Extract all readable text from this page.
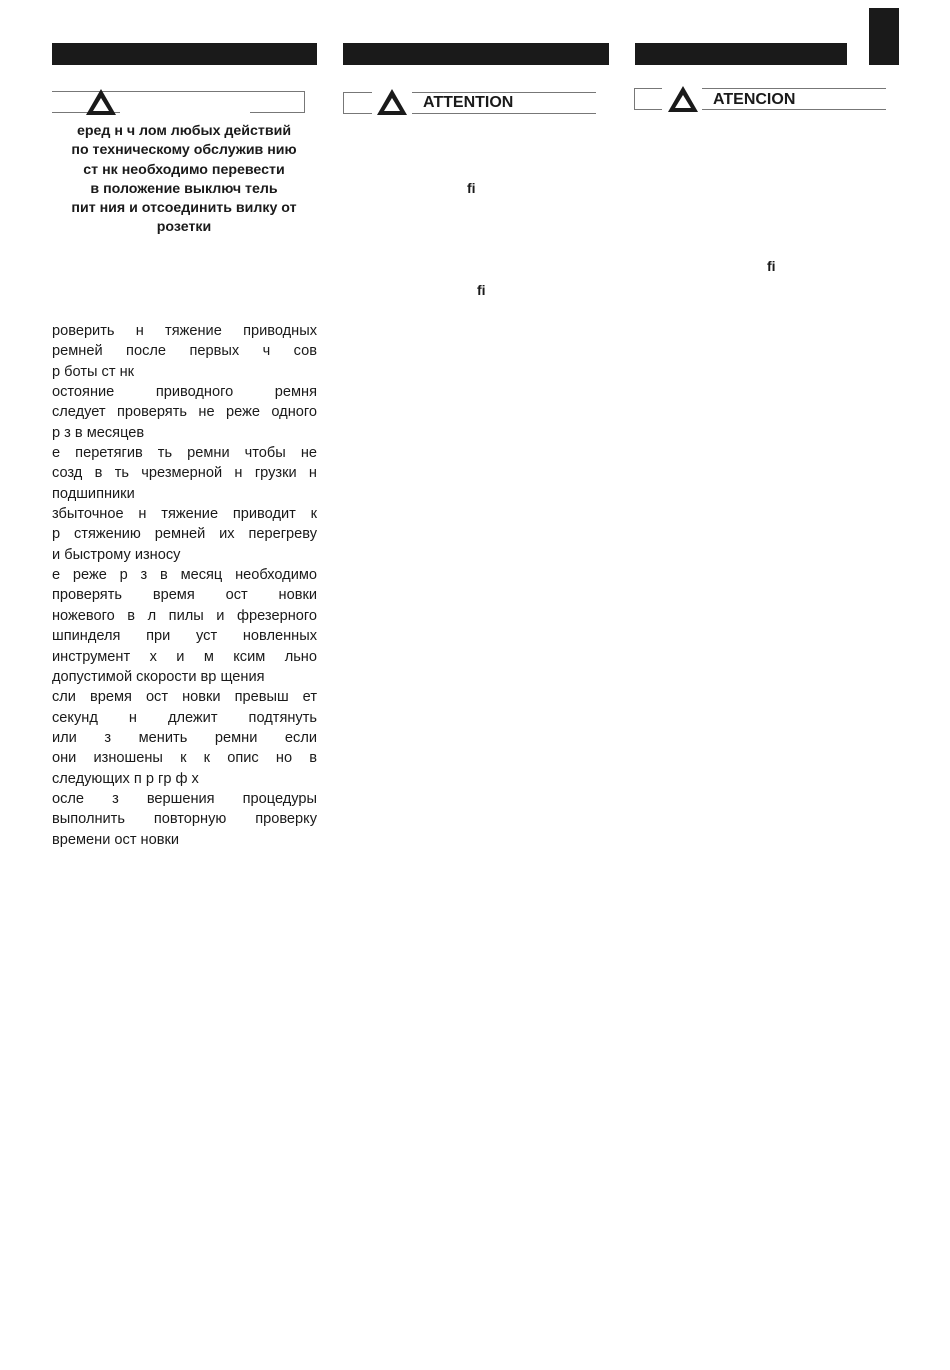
еред н ч лом любых действий
по техническому обслужив нию
ст нк необходимо перевести
в положение выключ тель
пит ния и отсоединить вилку от
розетки
роверить н тяжение приводных
ремней после первых ч сов
р боты ст нк
остояние приводного ремня
следует проверять не реже одного
р з в месяцев
е перетягив ть ремни чтобы не
созд в ть чрезмерной н грузки н
подшипники
збыточное н тяжение приводит к
р стяжению ремней их перегреву
и быстрому износу
е реже р з в месяц необходимо
проверять время ост новки
ножевого в л пилы и фрезерного
шпинделя при уст новленных
инструмент х и м ксим льно
допустимой скорости вр щения
сли время ост новки превыш ет
секунд н длежит подтянуть
или з менить ремни если
они изношены к к опис но в
следующих п р гр ф х
осле з вершения процедуры
выполнить повторную проверку
времени ост новки
ATTENTION
fi
fi
ATENCION
fi
